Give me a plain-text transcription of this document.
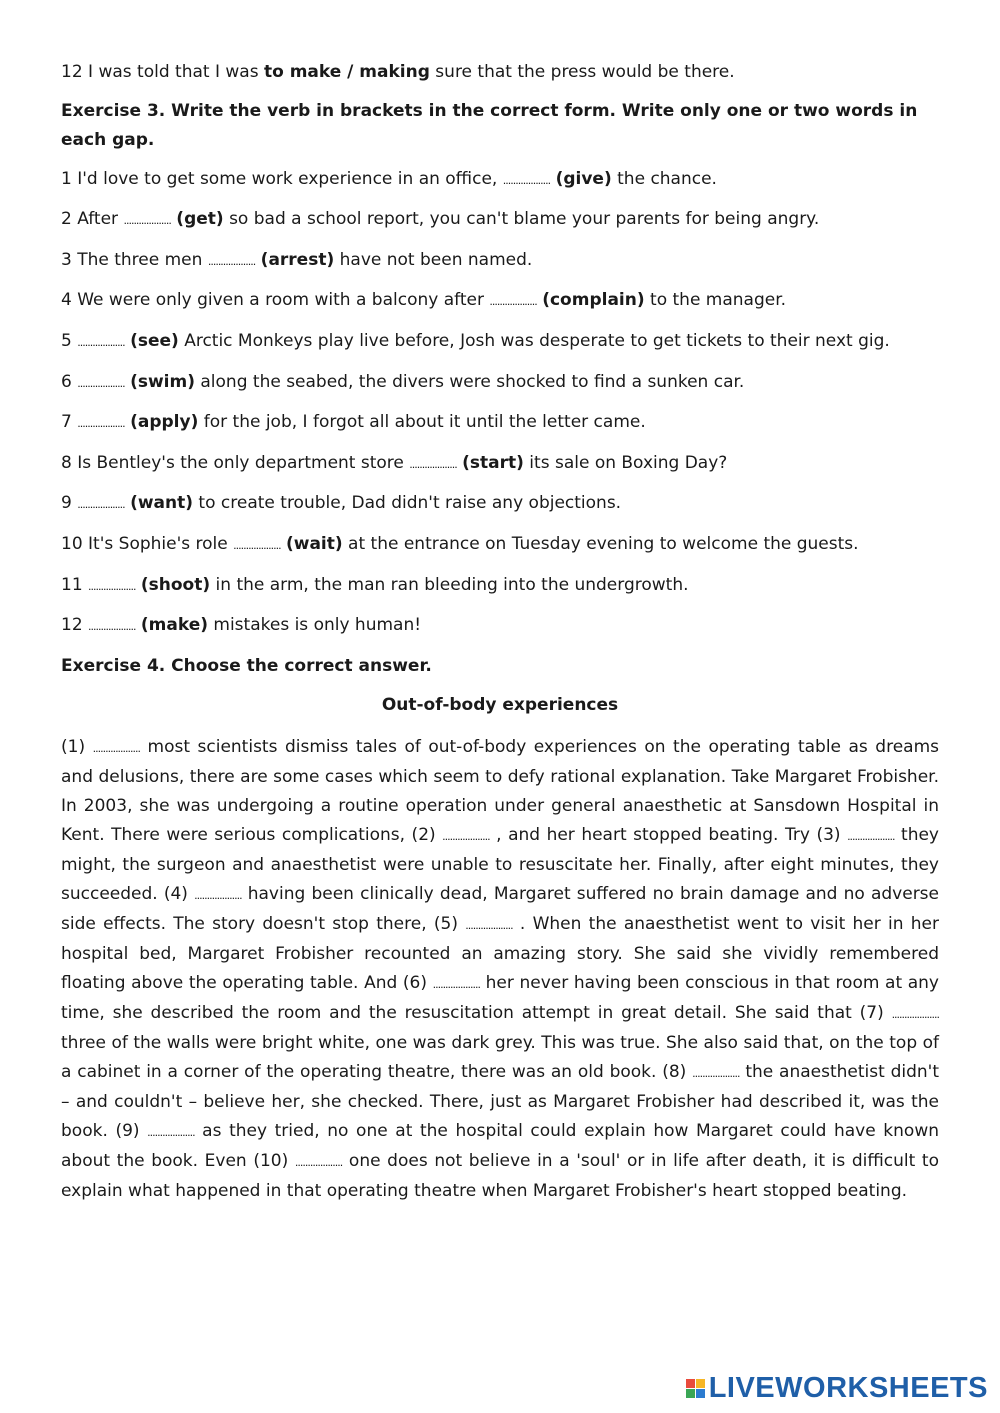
12 I was told that I was to make / making sure that the press would be there.

Exercise 3. Write the verb in brackets in the correct form. Write only one or two words in each gap.

1 I'd love to get some work experience in an office, ................... (give) the chance.

2 After ................... (get) so bad a school report, you can't blame your parents for being angry.

3 The three men ................... (arrest) have not been named.

4 We were only given a room with a balcony after ................... (complain) to the manager.

5 ................... (see) Arctic Monkeys play live before, Josh was desperate to get tickets to their next gig.

6 ................... (swim) along the seabed, the divers were shocked to find a sunken car.

7 ................... (apply) for the job, I forgot all about it until the letter came.

8 Is Bentley's the only department store ................... (start) its sale on Boxing Day?

9 ................... (want) to create trouble, Dad didn't raise any objections.

10 It's Sophie's role ................... (wait) at the entrance on Tuesday evening to welcome the guests.

11 ................... (shoot) in the arm, the man ran bleeding into the undergrowth.

12 ................... (make) mistakes is only human!

Exercise 4. Choose the correct answer.

Out-of-body experiences

(1) ................... most scientists dismiss tales of out-of-body experiences on the operating table as dreams and delusions, there are some cases which seem to defy rational explanation. Take Margaret Frobisher. In 2003, she was undergoing a routine operation under general anaesthetic at Sansdown Hospital in Kent. There were serious complications, (2) ................... , and her heart stopped beating. Try (3) ................... they might, the surgeon and anaesthetist were unable to resuscitate her. Finally, after eight minutes, they succeeded. (4) ................... having been clinically dead, Margaret suffered no brain damage and no adverse side effects. The story doesn't stop there, (5) ................... . When the anaesthetist went to visit her in her hospital bed, Margaret Frobisher recounted an amazing story. She said she vividly remembered floating above the operating table. And (6) ................... her never having been conscious in that room at any time, she described the room and the resuscitation attempt in great detail. She said that (7) ................... three of the walls were bright white, one was dark grey. This was true. She also said that, on the top of a cabinet in a corner of the operating theatre, there was an old book. (8) ................... the anaesthetist didn't – and couldn't – believe her, she checked. There, just as Margaret Frobisher had described it, was the book. (9) ................... as they tried, no one at the hospital could explain how Margaret could have known about the book. Even (10) ................... one does not believe in a 'soul' or in life after death, it is difficult to explain what happened in that operating theatre when Margaret Frobisher's heart stopped beating.

LIVEWORKSHEETS
